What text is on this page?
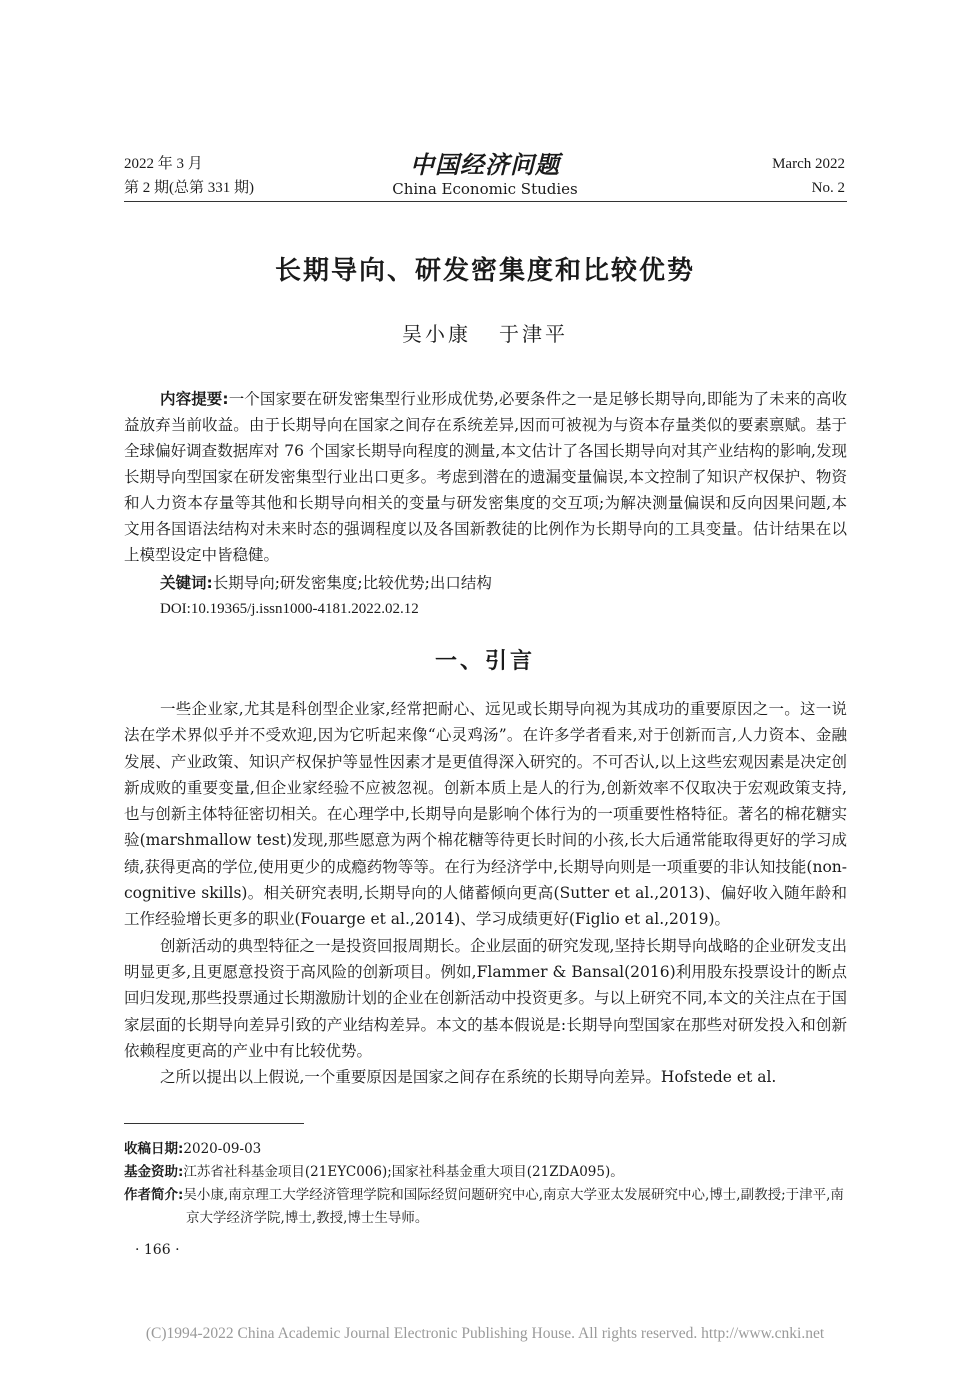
2022 年 3 月
第 2 期(总第 331 期)
中国经济问题
China Economic Studies
March 2022
No. 2
长期导向、研发密集度和比较优势
吴小康 于津平

内容提要:一个国家要在研发密集型行业形成优势,必要条件之一是足够长期导向,即能为了未来的高收益放弃当前收益。由于长期导向在国家之间存在系统差异,因而可被视为与资本存量类似的要素禀赋。基于全球偏好调查数据库对 76 个国家长期导向程度的测量,本文估计了各国长期导向对其产业结构的影响,发现长期导向型国家在研发密集型行业出口更多。考虑到潜在的遗漏变量偏误,本文控制了知识产权保护、物资和人力资本存量等其他和长期导向相关的变量与研发密集度的交互项;为解决测量偏误和反向因果问题,本文用各国语法结构对未来时态的强调程度以及各国新教徒的比例作为长期导向的工具变量。估计结果在以上模型设定中皆稳健。

关键词:长期导向;研发密集度;比较优势;出口结构
DOI:10.19365/j.issn1000-4181.2022.02.12
一、引言

一些企业家,尤其是科创型企业家,经常把耐心、远见或长期导向视为其成功的重要原因之一。这一说法在学术界似乎并不受欢迎,因为它听起来像“心灵鸡汤”。在许多学者看来,对于创新而言,人力资本、金融发展、产业政策、知识产权保护等显性因素才是更值得深入研究的。不可否认,以上这些宏观因素是决定创新成败的重要变量,但企业家经验不应被忽视。创新本质上是人的行为,创新效率不仅取决于宏观政策支持,也与创新主体特征密切相关。在心理学中,长期导向是影响个体行为的一项重要性格特征。著名的棉花糖实验(marshmallow test)发现,那些愿意为两个棉花糖等待更长时间的小孩,长大后通常能取得更好的学习成绩,获得更高的学位,使用更少的成瘾药物等等。在行为经济学中,长期导向则是一项重要的非认知技能(non-cognitive skills)。相关研究表明,长期导向的人储蓄倾向更高(Sutter et al.,2013)、偏好收入随年龄和工作经验增长更多的职业(Fouarge et al.,2014)、学习成绩更好(Figlio et al.,2019)。

创新活动的典型特征之一是投资回报周期长。企业层面的研究发现,坚持长期导向战略的企业研发支出明显更多,且更愿意投资于高风险的创新项目。例如,Flammer & Bansal(2016)利用股东投票设计的断点回归发现,那些投票通过长期激励计划的企业在创新活动中投资更多。与以上研究不同,本文的关注点在于国家层面的长期导向差异引致的产业结构差异。本文的基本假说是:长期导向型国家在那些对研发投入和创新依赖程度更高的产业中有比较优势。

之所以提出以上假说,一个重要原因是国家之间存在系统的长期导向差异。Hofstede et al.

收稿日期:2020-09-03

基金资助:江苏省社科基金项目(21EYC006);国家社科基金重大项目(21ZDA095)。

作者简介:吴小康,南京理工大学经济管理学院和国际经贸问题研究中心,南京大学亚太发展研究中心,博士,副教授;于津平,南京大学经济学院,博士,教授,博士生导师。

· 166 ·
(C)1994-2022 China Academic Journal Electronic Publishing House. All rights reserved. http://www.cnki.net
